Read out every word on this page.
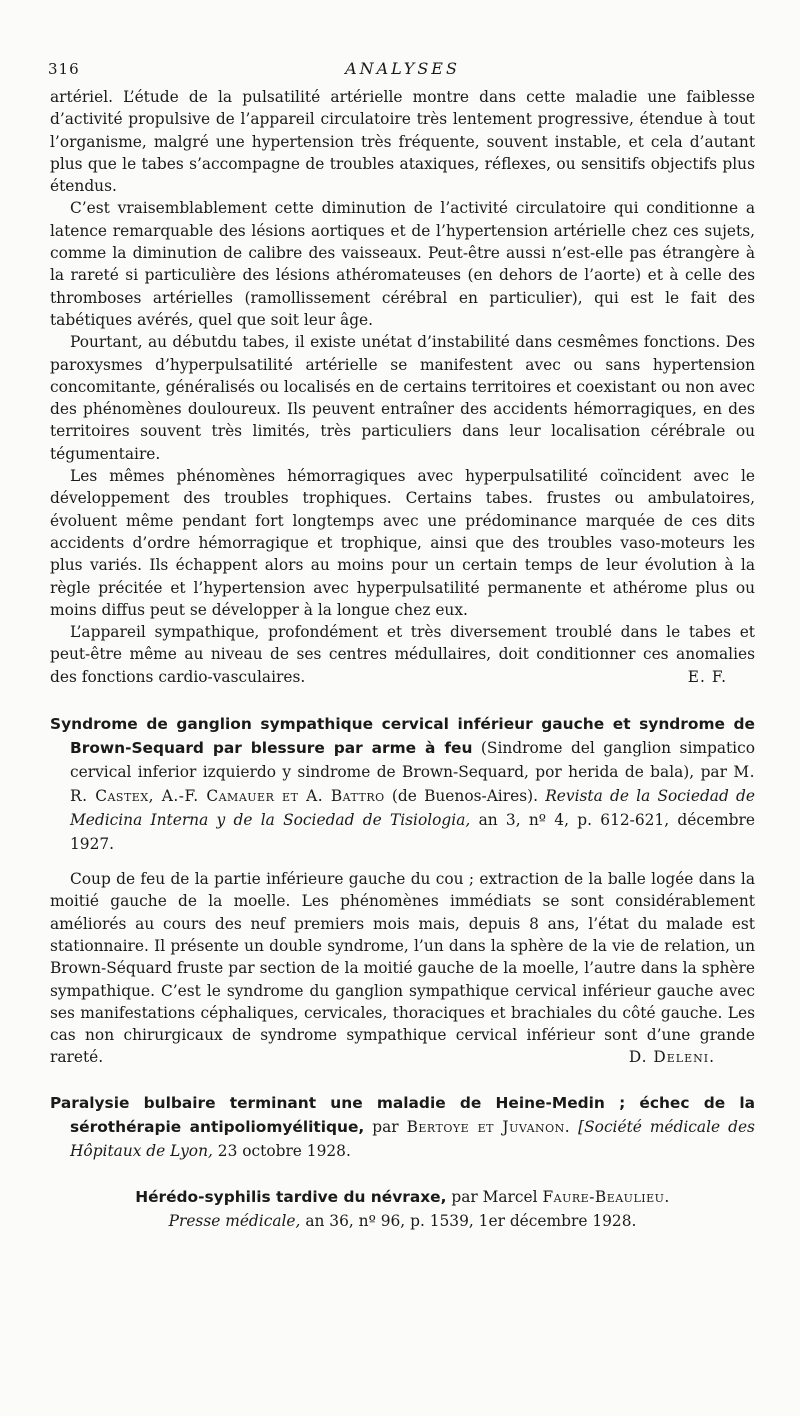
316	ANALYSES

artériel. L’étude de la pulsatilité artérielle montre dans cette maladie une faiblesse d’activité propulsive de l’appareil circulatoire très lentement progressive, étendue à tout l’organisme, malgré une hypertension très fréquente, souvent instable, et cela d’autant plus que le tabes s’accompagne de troubles ataxiques, réflexes, ou sensitifs objectifs plus étendus.

C’est vraisemblablement cette diminution de l’activité circulatoire qui conditionne a latence remarquable des lésions aortiques et de l’hypertension artérielle chez ces sujets, comme la diminution de calibre des vaisseaux. Peut-être aussi n’est-elle pas étrangère à la rareté si particulière des lésions athéromateuses (en dehors de l’aorte) et à celle des thromboses artérielles (ramollissement cérébral en particulier), qui est le fait des tabétiques avérés, quel que soit leur âge.

Pourtant, au débutdu tabes, il existe unétat d’instabilité dans cesmêmes fonctions. Des paroxysmes d’hyperpulsatilité artérielle se manifestent avec ou sans hypertension concomitante, généralisés ou localisés en de certains territoires et coexistant ou non avec des phénomènes douloureux. Ils peuvent entraîner des accidents hémorragiques, en des territoires souvent très limités, très particuliers dans leur localisation cérébrale ou tégumentaire.

Les mêmes phénomènes hémorragiques avec hyperpulsatilité coïncident avec le développement des troubles trophiques. Certains tabes. frustes ou ambulatoires, évoluent même pendant fort longtemps avec une prédominance marquée de ces dits accidents d’ordre hémorragique et trophique, ainsi que des troubles vaso-moteurs les plus variés. Ils échappent alors au moins pour un certain temps de leur évolution à la règle précitée et l’hypertension avec hyperpulsatilité permanente et athérome plus ou moins diffus peut se développer à la longue chez eux.

L’appareil sympathique, profondément et très diversement troublé dans le tabes et peut-être même au niveau de ses centres médullaires, doit conditionner ces anomalies des fonctions cardio-vasculaires.	E. F.

Syndrome de ganglion sympathique cervical inférieur gauche et syndrome de Brown-Sequard par blessure par arme à feu (Sindrome del ganglion simpatico cervical inferior izquierdo y sindrome de Brown-Sequard, por herida de bala), par M. R. Castex, A.-F. Camauer et A. Battro (de Buenos-Aires). Revista de la Sociedad de Medicina Interna y de la Sociedad de Tisiologia, an 3, nº 4, p. 612-621, décembre 1927.

Coup de feu de la partie inférieure gauche du cou ; extraction de la balle logée dans la moitié gauche de la moelle. Les phénomènes immédiats se sont considérablement améliorés au cours des neuf premiers mois mais, depuis 8 ans, l’état du malade est stationnaire. Il présente un double syndrome, l’un dans la sphère de la vie de relation, un Brown-Séquard fruste par section de la moitié gauche de la moelle, l’autre dans la sphère sympathique. C’est le syndrome du ganglion sympathique cervical inférieur gauche avec ses manifestations céphaliques, cervicales, thoraciques et brachiales du côté gauche. Les cas non chirurgicaux de syndrome sympathique cervical inférieur sont d’une grande rareté.	D. Deleni.

Paralysie bulbaire terminant une maladie de Heine-Medin ; échec de la sérothérapie antipoliomyélitique, par Bertoye et Juvanon. [Société médicale des Hôpitaux de Lyon, 23 octobre 1928.

Hérédo-syphilis tardive du névraxe, par Marcel Faure-Beaulieu.
Presse médicale, an 36, nº 96, p. 1539, 1er décembre 1928.
